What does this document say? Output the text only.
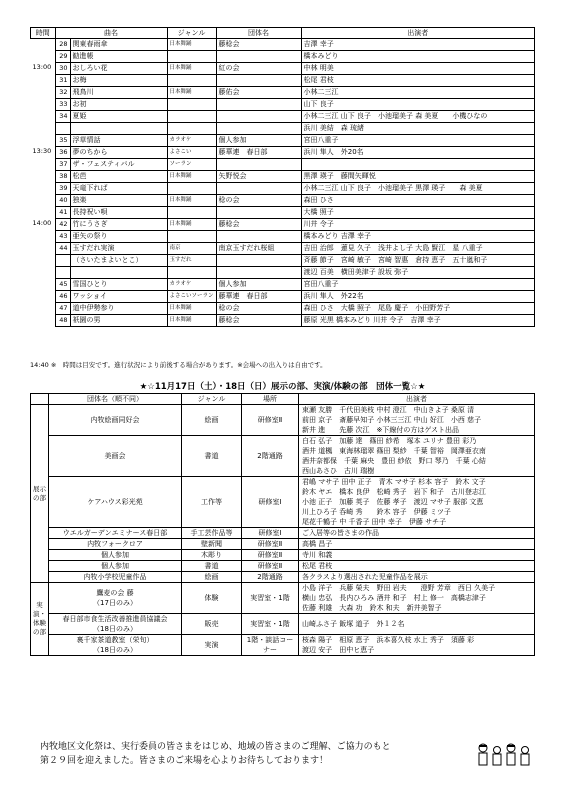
時間	曲名		ジャンル	団体名	出演者
	28	関東春雨傘	日本舞踊	藤稔会	吉澤 幸子
	29	勧進帳			橋本みどり
13:00	30	おしろい花	日本舞踊	紅の会	中林 明美
	31	お梅			松尾 君枝
	32	飛鳥川	日本舞踊	藤佑会	小林二三江
	33	お初			山下 良子
	34	夏姫			小林二三江 山下 良子　小池瑠美子 森 美夏　　小機ひなの
					浜川 美結　森 琉緒
	35	浮草情話	カラオケ	個人参加	宮田八重子
13:30	36	夢のちから	よさこい	藤華連　春日部	浜川 隼人　外20名
	37	ザ・フェスティバル	ソーラン		
	38	松芭	日本舞踊	矢野悦会	黒澤 瑛子　藤間矢暉悦
	39	天竜下れば			小林二三江 山下 良子　小池瑠美子 黒澤 瑛子　　森 美夏
	40	独楽	日本舞踊	稔の会	森田 ひさ
	41	長持祝い唄			大橋 照子
14:00	42	竹にうさぎ	日本舞踊	藤稔会	川井 令子
	43	亜矢の祭り			橋本みどり 吉澤 幸子
	44	玉すだれ実演	南京	南京玉すだれ桜組	吉田 治郎　蓮見 久子　浅井よし子 大島 賢江　星 八重子
		（さいたまよいとこ）	玉すだれ		斉藤 節子　宮崎 敏子　宮崎 智惠　倉持 恵子　五十嵐和子
					渡辺 百美　横田美津子 設坂 弥子
	45	雪国ひとり	カラオケ	個人参加	宮田八重子
	46	ワッショイ	よさこいソーラン	藤華連　春日部	浜川 隼人　外22名
	47	道中伊勢参り	日本舞踊	稔の会	森田 ひさ　大橋 照子　尾島 慶子　小田野芳子
	48	祇園の男	日本舞踊	藤稔会	藤原 光黒 橋本みどり 川井 令子　吉澤 幸子
14:40 ※　時間は目安です。進行状況により前後する場合があります。※会場への出入りは自由です。
★☆11月17日（土）・18日（日）展示の部、実演/体験の部　団体一覧☆★
	団体名（順不同）	ジャンル	場所	出演者
展示の部	内牧絵画同好会	絵画	研修室Ⅱ	束瀬 友勝　千代田美枝 中村 澄江　中山きよ子 桑原 清
前田 京子　斎藤早知子 小林三三江 中山 好江　小西 慈子
新井 進　　先藤 次江　※下線付の方はゲスト出品

	美画会	書道	2階通路	白石 弘子　加藤 達　篠田 紗希　塚本 ユリナ 豊田 彩乃
酒井 道楓　東海林瑠翠 篠田 梨紗　千葉 智裕　岡澤亜衣南
酒井奈都保　千葉 麻央　豊田 紗依　野口 琴乃　千葉 心結
西山あさひ　古川 瑞樹

	ケアハウス彩光苑	工作等	研修室Ⅰ	君嶋 マサ子 田中 正子　青木 マサ子 杉本 容子　鈴木 文子
鈴木 ヤエ　橋本 良伊　松崎 秀子　岩下 和子　古川登志江
小池 正子　加藤 英子　佐藤 孝子　渡辺 マサ子 服部 文恵
川上ひろ子 呑崎 秀　　鈴木 容子　伊藤 ミツ子
尾花千鶴子 中 千香子 田中 幸子　伊藤 サチ子

	ウエルガーデンエミナース春日部	手工芸作品等	研修室Ⅰ	ご入居等の皆さまの作品

	内牧フォークロア	壁新聞	研修室Ⅱ	高橋 昌子

	個人参加	木彫り	研修室Ⅱ	寺川 和義

	個人参加	書道	研修室Ⅱ	松尾 君枝

	内牧小学校児童作品	絵画	2階通路	各クラスより選出された児童作品を展示

実演・体験の部	鷹麦の会 藤
（17日のみ）	体験	実習室・1階	小島 洋子　兵藤 榮夫　野田 岩夫　　澄野 芳章　西日 久美子
横山 忠弘　長内ひろみ 酒井 和子　村上 修一　高橋志津子
佐藤 利雄　大森 功　鈴木 和夫　新井美智子

	春日部市食生活改善推進員協議会
（18日のみ）	販売	実習室・1階	山崎ふさ子 飯塚 道子　外１２名

	裏千家茶道教室（栄旬）
（18日のみ）	実演	1階・談話コーナー	桜森 陽子　相原 恵子　浜本喜久枝 水上 秀子　須藤 彩
渡辺 安子　田中ヒ恵子
内牧地区文化祭は、実行委員の皆さまをはじめ、地域の皆さまのご理解、ご協力のもと
第２９回を迎えました。皆さまのご来場を心よりお待ちしております！
